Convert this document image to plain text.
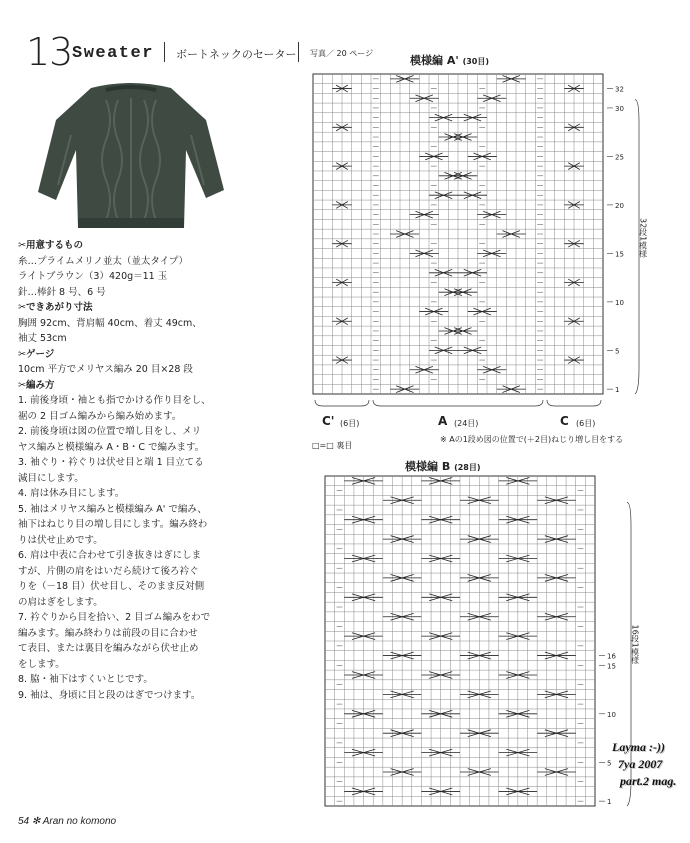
13 Sweater ボートネックのセーター 写真／ 20 ページ
✂用意するもの
糸…プライムメリノ並太（並太タイプ）
ライトブラウン（3）420g＝11 玉
針…棒針 8 号、6 号
✂できあがり寸法
胸囲 92cm、背肩幅 40cm、着丈 49cm、
袖丈 53cm
✂ゲージ
10cm 平方でメリヤス編み 20 目×28 段
✂編み方
1. 前後身頃・袖とも指でかける作り目をし、
裾の 2 目ゴム編みから編み始めます。
2. 前後身頃は図の位置で増し目をし、メリ
ヤス編みと模様編み A・B・C で編みます。
3. 袖ぐり・衿ぐりは伏せ目と端 1 目立てる
減目にします。
4. 肩は休み目にします。
5. 袖はメリヤス編みと模様編み A' で編み、
袖下はねじり目の増し目にします。編み終わ
りは伏せ止めです。
6. 肩は中表に合わせて引き抜きはぎにしま
すが、片側の肩をはいだら続けて後ろ衿ぐ
りを（－18 目）伏せ目し、そのまま反対側
の肩はぎをします。
7. 衿ぐりから目を拾い、2 目ゴム編みをわで
編みます。編み終わりは前段の目に合わせ
て表目、または裏目を編みながら伏せ止め
をします。
8. 脇・袖下はすくいとじです。
9. 袖は、身頃に目と段のはぎでつけます。
模様編 A' (30目)
32
30
25
20
15
10
5
1
32段1模様
C' (6目)	A (24目)	C (6目)
□=□ 裏目
※ Aの1段め図の位置で(＋2目)ねじり増し目をする
模様編 B (28目)
16
15
10
5
1
16段1模様
54 ✻ Aran no komono
Layma :-))
7ya 2007
part.2 mag.
